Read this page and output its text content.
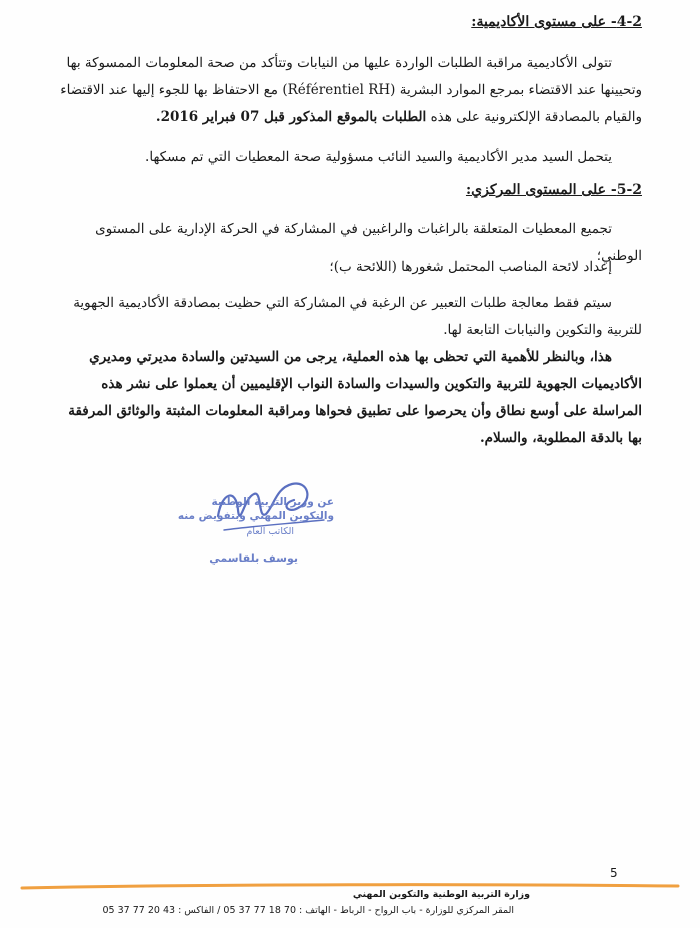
4-2- على مستوى الأكاديمية:

تتولى الأكاديمية مراقبة الطلبات الواردة عليها من النيابات وتتأكد من صحة المعلومات الممسوكة بها وتحيينها عند الاقتضاء بمرجع الموارد البشرية (Référentiel RH) مع الاحتفاظ بها للجوء إليها عند الاقتضاء والقيام بالمصادقة الإلكترونية على هذه الطلبات بالموقع المذكور قبل 07 فبراير 2016.

يتحمل السيد مدير الأكاديمية والسيد النائب مسؤولية صحة المعطيات التي تم مسكها.

5-2- على المستوى المركزي:

تجميع المعطيات المتعلقة بالراغبات والراغبين في المشاركة في الحركة الإدارية على المستوى الوطني؛

إعداد لائحة المناصب المحتمل شغورها (اللائحة ب)؛

سيتم فقط معالجة طلبات التعبير عن الرغبة في المشاركة التي حظيت بمصادقة الأكاديمية الجهوية للتربية والتكوين والنيابات التابعة لها.

هذا، وبالنظر للأهمية التي تحظى بها هذه العملية، يرجى من السيدتين والسادة مديرتي ومديري الأكاديميات الجهوية للتربية والتكوين والسيدات والسادة النواب الإقليميين أن يعملوا على نشر هذه المراسلة على أوسع نطاق وأن يحرصوا على تطبيق فحواها ومراقبة المعلومات المثبتة والوثائق المرفقة بها بالدقة المطلوبة، والسلام.

عن وزير التربية الوطنية
والتكوين المهني وبتفويض منه
الكاتب العام
يوسف بلقاسمي
5
وزارة التربية الوطنية والتكوين المهني
المقر المركزي للوزارة - باب الرواح - الرباط - الهاتف : 70 18 77 37 05 / الفاكس : 43 20 77 37 05
